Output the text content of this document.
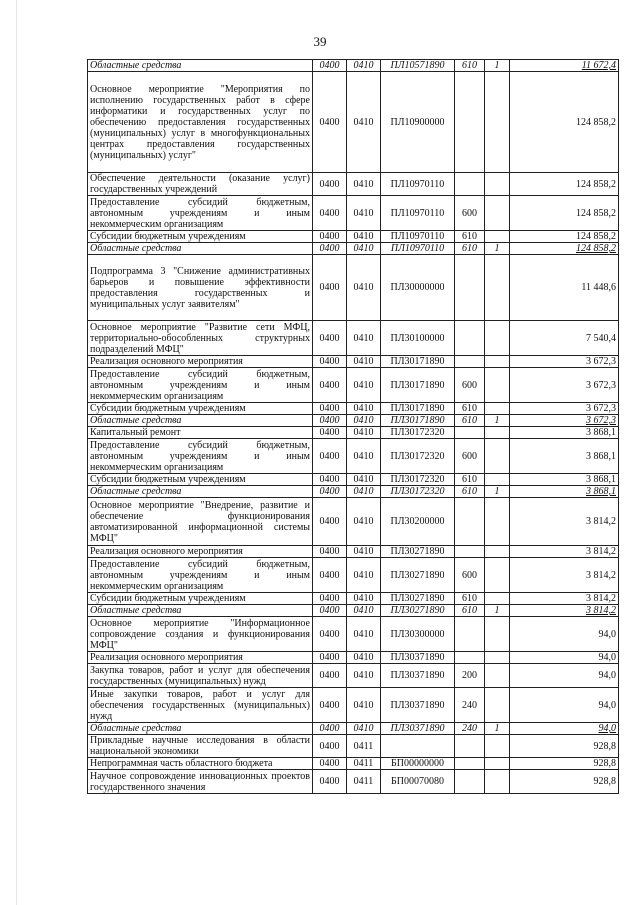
39
Областные средства	0400	0410	ПЛ10571890	610	1	11 672,4
Основное мероприятие "Мероприятия по исполнению государственных работ в сфере информатики и государственных услуг по обеспечению предоставления государственных (муниципальных) услуг в многофункциональных центрах предоставления государственных (муниципальных) услуг"	0400	0410	ПЛ10900000			124 858,2
Обеспечение деятельности (оказание услуг) государственных учреждений	0400	0410	ПЛ10970110			124 858,2
Предоставление субсидий бюджетным, автономным учреждениям и иным некоммерческим организациям	0400	0410	ПЛ10970110	600		124 858,2
Субсидии бюджетным учреждениям	0400	0410	ПЛ10970110	610		124 858,2
Областные средства	0400	0410	ПЛ10970110	610	1	124 858,2
Подпрограмма 3 "Снижение административных барьеров и повышение эффективности предоставления государственных и муниципальных услуг заявителям"	0400	0410	ПЛ30000000			11 448,6
Основное мероприятие "Развитие сети МФЦ, территориально-обособленных структурных подразделений МФЦ"	0400	0410	ПЛ30100000			7 540,4
Реализация основного мероприятия	0400	0410	ПЛ30171890			3 672,3
Предоставление субсидий бюджетным, автономным учреждениям и иным некоммерческим организациям	0400	0410	ПЛ30171890	600		3 672,3
Субсидии бюджетным учреждениям	0400	0410	ПЛ30171890	610		3 672,3
Областные средства	0400	0410	ПЛ30171890	610	1	3 672,3
Капитальный ремонт	0400	0410	ПЛ30172320			3 868,1
Предоставление субсидий бюджетным, автономным учреждениям и иным некоммерческим организациям	0400	0410	ПЛ30172320	600		3 868,1
Субсидии бюджетным учреждениям	0400	0410	ПЛ30172320	610		3 868,1
Областные средства	0400	0410	ПЛ30172320	610	1	3 868,1
Основное мероприятие "Внедрение, развитие и обеспечение функционирования автоматизированной информационной системы МФЦ"	0400	0410	ПЛ30200000			3 814,2
Реализация основного мероприятия	0400	0410	ПЛ30271890			3 814,2
Предоставление субсидий бюджетным, автономным учреждениям и иным некоммерческим организациям	0400	0410	ПЛ30271890	600		3 814,2
Субсидии бюджетным учреждениям	0400	0410	ПЛ30271890	610		3 814,2
Областные средства	0400	0410	ПЛ30271890	610	1	3 814,2
Основное мероприятие "Информационное сопровождение создания и функционирования МФЦ"	0400	0410	ПЛ30300000			94,0
Реализация основного мероприятия	0400	0410	ПЛ30371890			94,0
Закупка товаров, работ и услуг для обеспечения государственных (муниципальных) нужд	0400	0410	ПЛ30371890	200		94,0
Иные закупки товаров, работ и услуг для обеспечения государственных (муниципальных) нужд	0400	0410	ПЛ30371890	240		94,0
Областные средства	0400	0410	ПЛ30371890	240	1	94,0
Прикладные научные исследования в области национальной экономики	0400	0411				928,8
Непрограммная часть областного бюджета	0400	0411	БП00000000			928,8
Научное сопровождение инновационных проектов государственного значения	0400	0411	БП00070080			928,8
